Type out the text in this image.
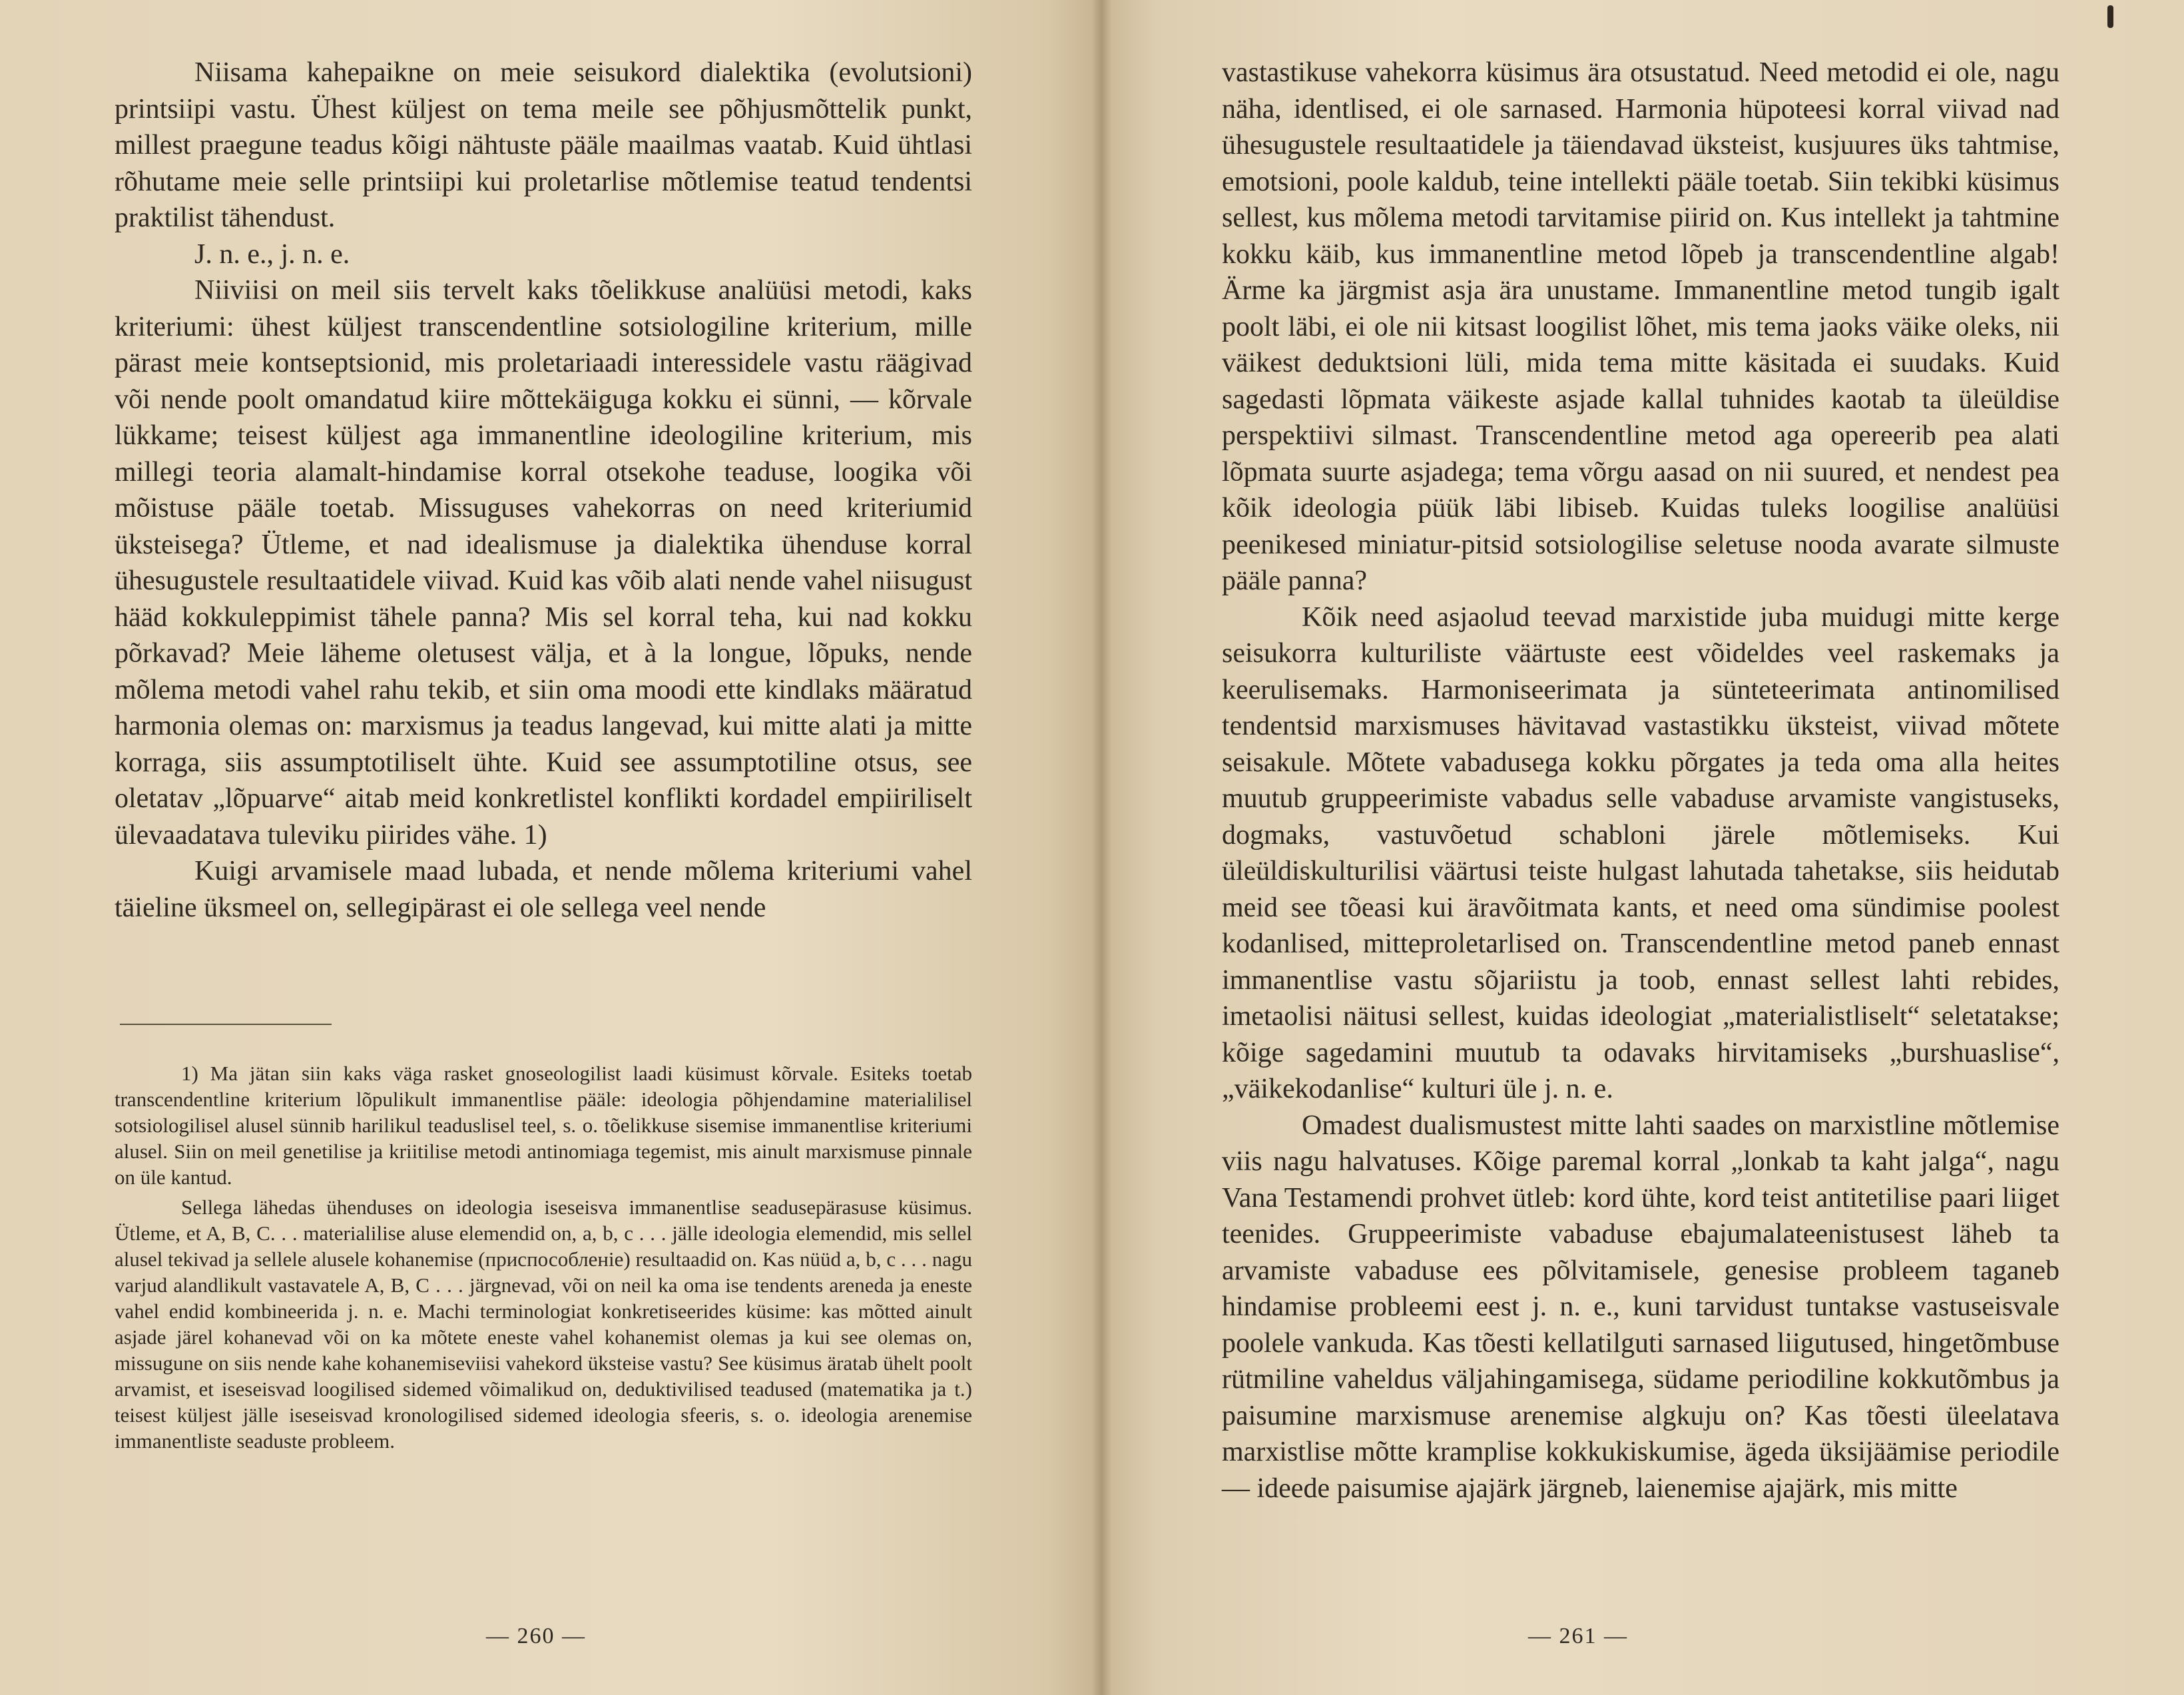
Niisama kahepaikne on meie seisukord dialektika (evolutsioni) printsiipi vastu. Ühest küljest on tema meile see põhjusmõttelik punkt, millest praegune teadus kõigi nähtuste pääle maailmas vaatab. Kuid ühtlasi rõhutame meie selle printsiipi kui proletarlise mõtlemise teatud tendentsi praktilist tähendust.

J. n. e., j. n. e.

Niiviisi on meil siis tervelt kaks tõelikkuse analüüsi metodi, kaks kriteriumi: ühest küljest transcendentline sotsiologiline kriterium, mille pärast meie kontseptsionid, mis proletariaadi interessidele vastu räägivad või nende poolt omandatud kiire mõttekäiguga kokku ei sünni, — kõrvale lükkame; teisest küljest aga immanentline ideologiline kriterium, mis millegi teoria alamalt-hindamise korral otsekohe teaduse, loogika või mõistuse pääle toetab. Missuguses vahekorras on need kriteriumid üksteisega? Ütleme, et nad idealismuse ja dialektika ühenduse korral ühesugustele resultaatidele viivad. Kuid kas võib alati nende vahel niisugust hääd kokkuleppimist tähele panna? Mis sel korral teha, kui nad kokku põrkavad? Meie läheme oletusest välja, et à la longue, lõpuks, nende mõlema metodi vahel rahu tekib, et siin oma moodi ette kindlaks määratud harmonia olemas on: marxismus ja teadus langevad, kui mitte alati ja mitte korraga, siis assumptotiliselt ühte. Kuid see assumptotiline otsus, see oletatav „lõpuarve“ aitab meid konkretlistel konflikti kordadel empiiriliselt ülevaadatava tuleviku piirides vähe. 1)

Kuigi arvamisele maad lubada, et nende mõlema kriteriumi vahel täieline üksmeel on, sellegipärast ei ole sellega veel nende

1) Ma jätan siin kaks väga rasket gnoseologilist laadi küsimust kõrvale. Esiteks toetab transcendentline kriterium lõpulikult immanentlise pääle: ideologia põhjendamine materialilisel sotsiologilisel alusel sünnib harilikul teaduslisel teel, s. o. tõelikkuse sisemise immanentlise kriteriumi alusel. Siin on meil genetilise ja kriitilise metodi antinomiaga tegemist, mis ainult marxismuse pinnale on üle kantud.

Sellega lähedas ühenduses on ideologia iseseisva immanentlise seadusepärasuse küsimus. Ütleme, et A, B, C. . . materialilise aluse elemendid on, a, b, c . . . jälle ideologia elemendid, mis sellel alusel tekivad ja sellele alusele kohanemise (приспособленiе) resultaadid on. Kas nüüd a, b, c . . . nagu varjud alandlikult vastavatele A, B, C . . . järgnevad, või on neil ka oma ise tendents areneda ja eneste vahel endid kombineerida j. n. e. Machi terminologiat konkretiseerides küsime: kas mõtted ainult asjade järel kohanevad või on ka mõtete eneste vahel kohanemist olemas ja kui see olemas on, missugune on siis nende kahe kohanemiseviisi vahekord üksteise vastu? See küsimus äratab ühelt poolt arvamist, et iseseisvad loogilised sidemed võimalikud on, deduktivilised teadused (matematika ja t.) teisest küljest jälle iseseisvad kronologilised sidemed ideologia sfeeris, s. o. ideologia arenemise immanentliste seaduste probleem.

— 260 —

vastastikuse vahekorra küsimus ära otsustatud. Need metodid ei ole, nagu näha, identlised, ei ole sarnased. Harmonia hüpoteesi korral viivad nad ühesugustele resultaatidele ja täiendavad üksteist, kusjuures üks tahtmise, emotsioni, poole kaldub, teine intellekti pääle toetab. Siin tekibki küsimus sellest, kus mõlema metodi tarvitamise piirid on. Kus intellekt ja tahtmine kokku käib, kus immanentline metod lõpeb ja transcendentline algab! Ärme ka järgmist asja ära unustame. Immanentline metod tungib igalt poolt läbi, ei ole nii kitsast loogilist lõhet, mis tema jaoks väike oleks, nii väikest deduktsioni lüli, mida tema mitte käsitada ei suudaks. Kuid sagedasti lõpmata väikeste asjade kallal tuhnides kaotab ta üleüldise perspektiivi silmast. Transcendentline metod aga opereerib pea alati lõpmata suurte asjadega; tema võrgu aasad on nii suured, et nendest pea kõik ideologia püük läbi libiseb. Kuidas tuleks loogilise analüüsi peenikesed miniatur-pitsid sotsiologilise seletuse nooda avarate silmuste pääle panna?

Kõik need asjaolud teevad marxistide juba muidugi mitte kerge seisukorra kulturiliste väärtuste eest võideldes veel raskemaks ja keerulisemaks. Harmoniseerimata ja sünteteerimata antinomilised tendentsid marxismuses hävitavad vastastikku üksteist, viivad mõtete seisakule. Mõtete vabadusega kokku põrgates ja teda oma alla heites muutub gruppeerimiste vabadus selle vabaduse arvamiste vangistuseks, dogmaks, vastuvõetud schabloni järele mõtlemiseks. Kui üleüldiskulturilisi väärtusi teiste hulgast lahutada tahetakse, siis heidutab meid see tõeasi kui äravõitmata kants, et need oma sündimise poolest kodanlised, mitteproletarlised on. Transcendentline metod paneb ennast immanentlise vastu sõjariistu ja toob, ennast sellest lahti rebides, imetaolisi näitusi sellest, kuidas ideologiat „materialistliselt“ seletatakse; kõige sagedamini muutub ta odavaks hirvitamiseks „burshuaslise“, „väikekodanlise“ kulturi üle j. n. e.

Omadest dualismustest mitte lahti saades on marxistline mõtlemise viis nagu halvatuses. Kõige paremal korral „lonkab ta kaht jalga“, nagu Vana Testamendi prohvet ütleb: kord ühte, kord teist antitetilise paari liiget teenides. Gruppeerimiste vabaduse ebajumalateenistusest läheb ta arvamiste vabaduse ees põlvitamisele, genesise probleem taganeb hindamise probleemi eest j. n. e., kuni tarvidust tuntakse vastuseisvale poolele vankuda. Kas tõesti kellatilguti sarnased liigutused, hingetõmbuse rütmiline vaheldus väljahingamisega, südame periodiline kokkutõmbus ja paisumine marxismuse arenemise algkuju on? Kas tõesti üleelatava marxistlise mõtte kramplise kokkukiskumise, ägeda üksijäämise periodile — ideede paisumise ajajärk järgneb, laienemise ajajärk, mis mitte

— 261 —
